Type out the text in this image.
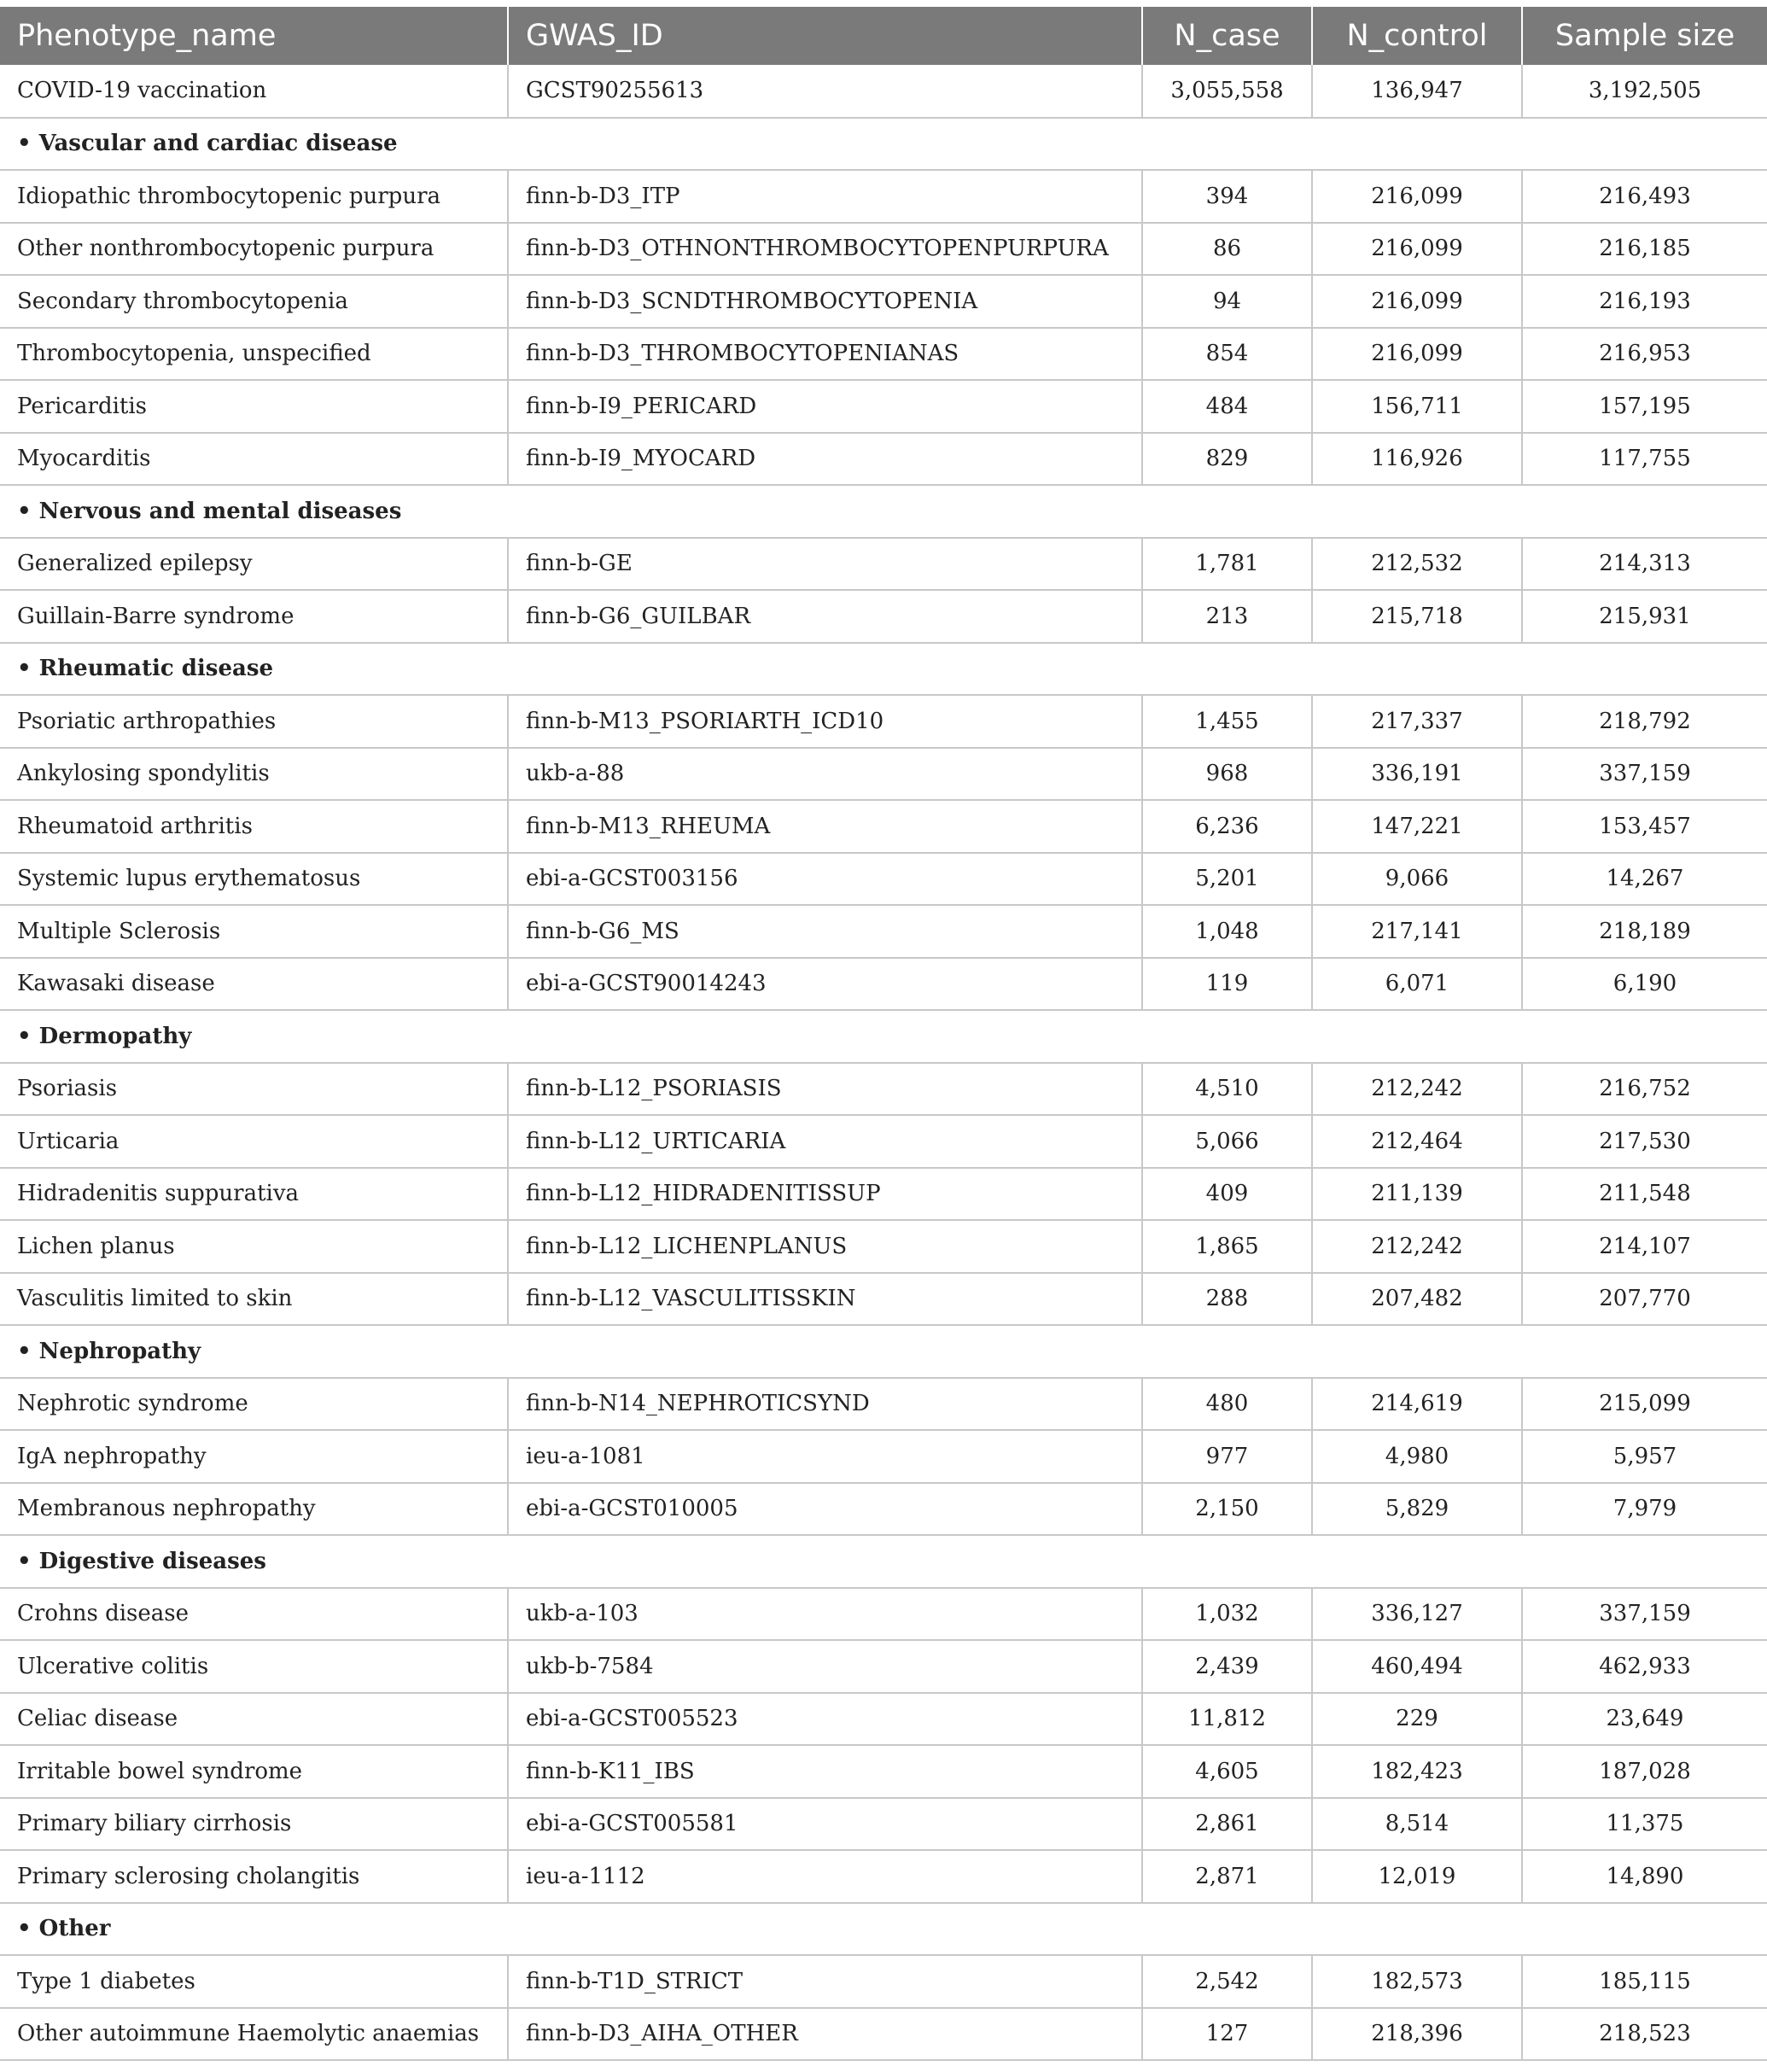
Phenotype_name	GWAS_ID	N_case	N_control	Sample size
COVID-19 vaccination	GCST90255613	3,055,558	136,947	3,192,505
• Vascular and cardiac disease				
Idiopathic thrombocytopenic purpura	finn-b-D3_ITP	394	216,099	216,493
Other nonthrombocytopenic purpura	finn-b-D3_OTHNONTHROMBOCYTOPENPURPURA	86	216,099	216,185
Secondary thrombocytopenia	finn-b-D3_SCNDTHROMBOCYTOPENIA	94	216,099	216,193
Thrombocytopenia, unspecified	finn-b-D3_THROMBOCYTOPENIANAS	854	216,099	216,953
Pericarditis	finn-b-I9_PERICARD	484	156,711	157,195
Myocarditis	finn-b-I9_MYOCARD	829	116,926	117,755
• Nervous and mental diseases				
Generalized epilepsy	finn-b-GE	1,781	212,532	214,313
Guillain-Barre syndrome	finn-b-G6_GUILBAR	213	215,718	215,931
• Rheumatic disease				
Psoriatic arthropathies	finn-b-M13_PSORIARTH_ICD10	1,455	217,337	218,792
Ankylosing spondylitis	ukb-a-88	968	336,191	337,159
Rheumatoid arthritis	finn-b-M13_RHEUMA	6,236	147,221	153,457
Systemic lupus erythematosus	ebi-a-GCST003156	5,201	9,066	14,267
Multiple Sclerosis	finn-b-G6_MS	1,048	217,141	218,189
Kawasaki disease	ebi-a-GCST90014243	119	6,071	6,190
• Dermopathy				
Psoriasis	finn-b-L12_PSORIASIS	4,510	212,242	216,752
Urticaria	finn-b-L12_URTICARIA	5,066	212,464	217,530
Hidradenitis suppurativa	finn-b-L12_HIDRADENITISSUP	409	211,139	211,548
Lichen planus	finn-b-L12_LICHENPLANUS	1,865	212,242	214,107
Vasculitis limited to skin	finn-b-L12_VASCULITISSKIN	288	207,482	207,770
• Nephropathy				
Nephrotic syndrome	finn-b-N14_NEPHROTICSYND	480	214,619	215,099
IgA nephropathy	ieu-a-1081	977	4,980	5,957
Membranous nephropathy	ebi-a-GCST010005	2,150	5,829	7,979
• Digestive diseases				
Crohns disease	ukb-a-103	1,032	336,127	337,159
Ulcerative colitis	ukb-b-7584	2,439	460,494	462,933
Celiac disease	ebi-a-GCST005523	11,812	229	23,649
Irritable bowel syndrome	finn-b-K11_IBS	4,605	182,423	187,028
Primary biliary cirrhosis	ebi-a-GCST005581	2,861	8,514	11,375
Primary sclerosing cholangitis	ieu-a-1112	2,871	12,019	14,890
• Other				
Type 1 diabetes	finn-b-T1D_STRICT	2,542	182,573	185,115
Other autoimmune Haemolytic anaemias	finn-b-D3_AIHA_OTHER	127	218,396	218,523
